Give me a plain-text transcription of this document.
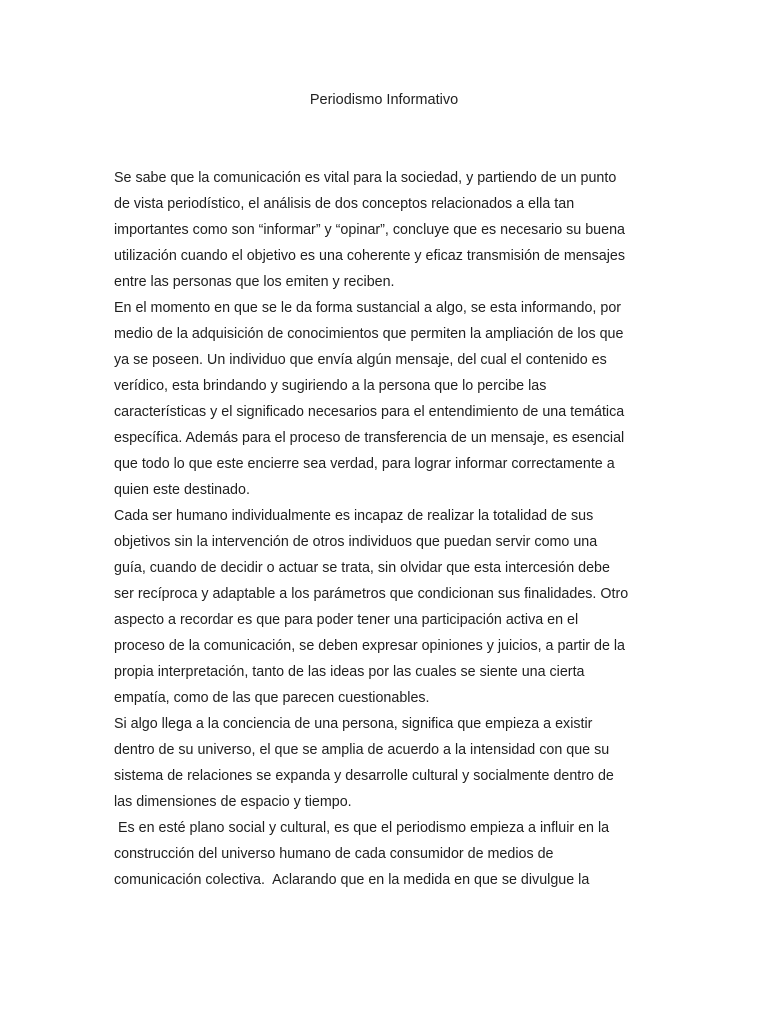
Periodismo Informativo

Se sabe que la comunicación es vital para la sociedad, y partiendo de un punto
de vista periodístico, el análisis de dos conceptos relacionados a ella tan
importantes como son “informar” y “opinar”, concluye que es necesario su buena
utilización cuando el objetivo es una coherente y eficaz transmisión de mensajes
entre las personas que los emiten y reciben.

En el momento en que se le da forma sustancial a algo, se esta informando, por
medio de la adquisición de conocimientos que permiten la ampliación de los que
ya se poseen. Un individuo que envía algún mensaje, del cual el contenido es
verídico, esta brindando y sugiriendo a la persona que lo percibe las
características y el significado necesarios para el entendimiento de una temática
específica. Además para el proceso de transferencia de un mensaje, es esencial
que todo lo que este encierre sea verdad, para lograr informar correctamente a
quien este destinado.

Cada ser humano individualmente es incapaz de realizar la totalidad de sus
objetivos sin la intervención de otros individuos que puedan servir como una
guía, cuando de decidir o actuar se trata, sin olvidar que esta intercesión debe
ser recíproca y adaptable a los parámetros que condicionan sus finalidades. Otro
aspecto a recordar es que para poder tener una participación activa en el
proceso de la comunicación, se deben expresar opiniones y juicios, a partir de la
propia interpretación, tanto de las ideas por las cuales se siente una cierta
empatía, como de las que parecen cuestionables.

Si algo llega a la conciencia de una persona, significa que empieza a existir
dentro de su universo, el que se amplia de acuerdo a la intensidad con que su
sistema de relaciones se expanda y desarrolle cultural y socialmente dentro de
las dimensiones de espacio y tiempo.

Es en esté plano social y cultural, es que el periodismo empieza a influir en la
construcción del universo humano de cada consumidor de medios de
comunicación colectiva.  Aclarando que en la medida en que se divulgue la
